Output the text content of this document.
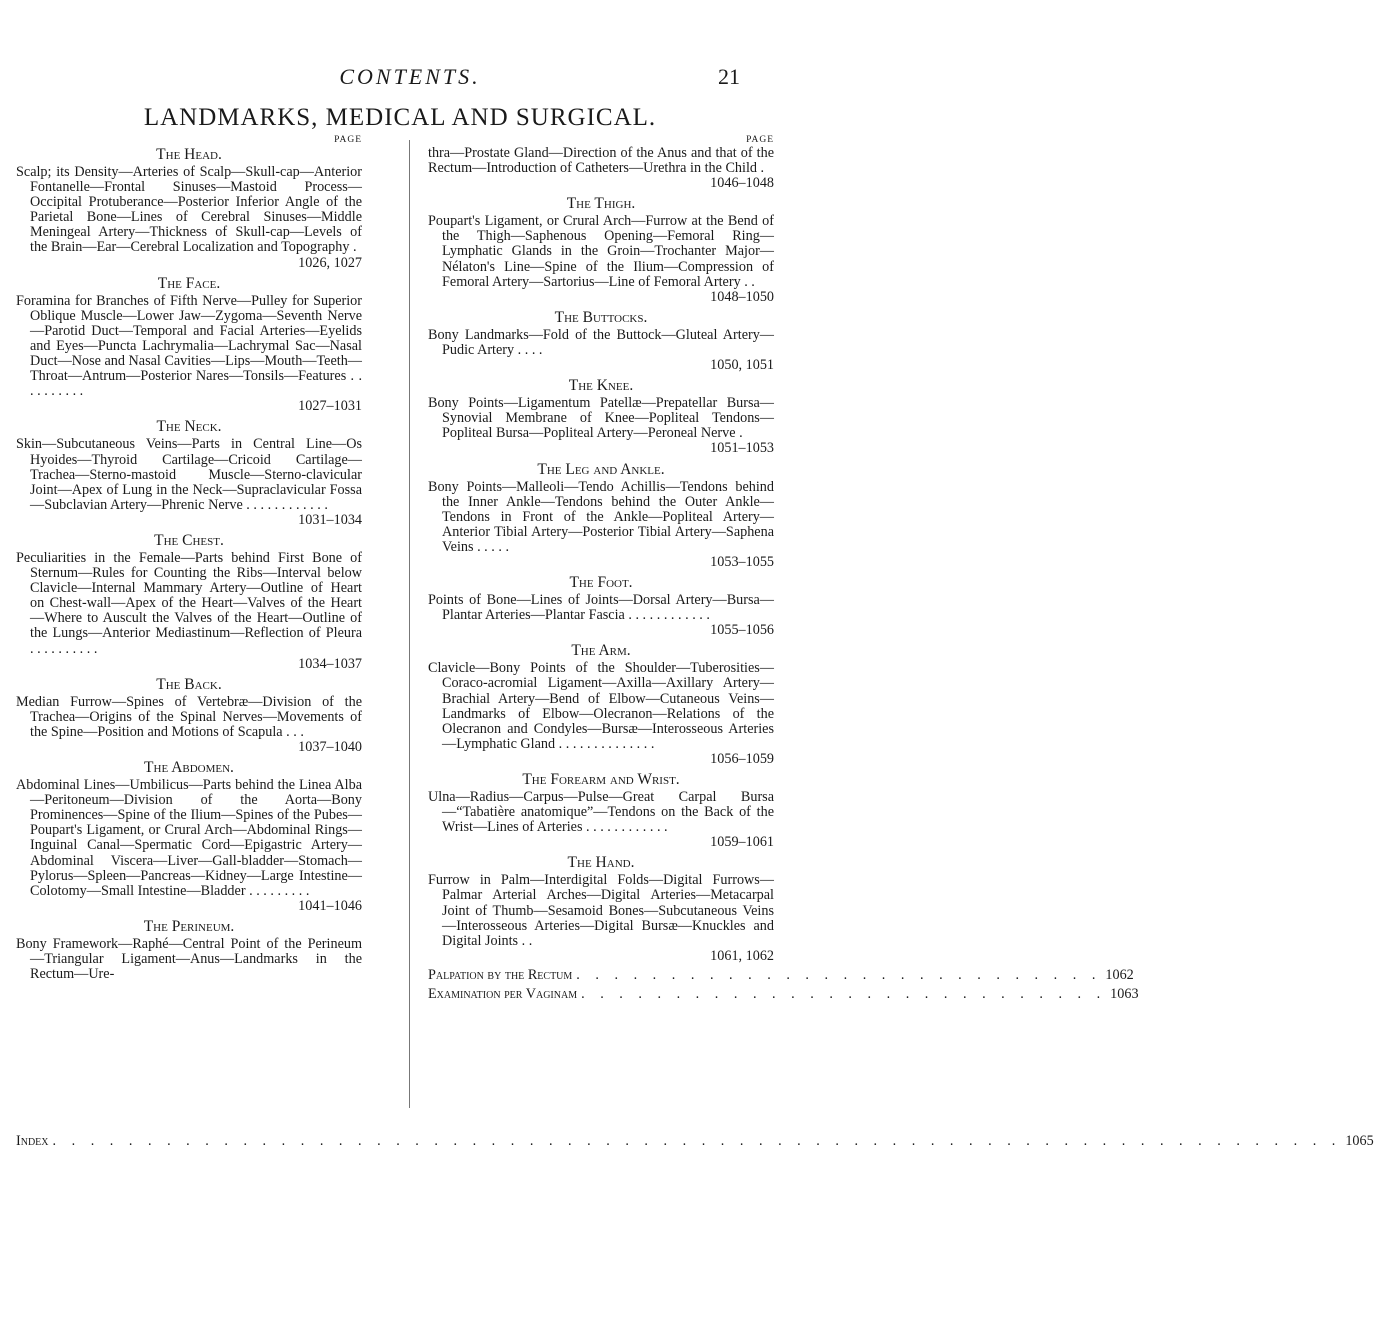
CONTENTS.	21
LANDMARKS, MEDICAL AND SURGICAL.
PAGE
The Head.
Scalp; its Density—Arteries of Scalp—Skull-cap—Anterior Fontanelle—Frontal Sinuses—Mastoid Process—Occipital Protuberance—Posterior Inferior Angle of the Parietal Bone—Lines of Cerebral Sinuses—Middle Meningeal Artery—Thickness of Skull-cap—Levels of the Brain—Ear—Cerebral Localization and Topography .
1026, 1027
The Face.
Foramina for Branches of Fifth Nerve—Pulley for Superior Oblique Muscle—Lower Jaw—Zygoma—Seventh Nerve—Parotid Duct—Temporal and Facial Arteries—Eyelids and Eyes—Puncta Lachrymalia—Lachrymal Sac—Nasal Duct—Nose and Nasal Cavities—Lips—Mouth—Teeth—Throat—Antrum—Posterior Nares—Tonsils—Features . . . . . . . . . .
1027–1031
The Neck.
Skin—Subcutaneous Veins—Parts in Central Line—Os Hyoides—Thyroid Cartilage—Cricoid Cartilage—Trachea—Sterno-mastoid Muscle—Sterno-clavicular Joint—Apex of Lung in the Neck—Supraclavicular Fossa—Subclavian Artery—Phrenic Nerve . . . . . . . . . . . .
1031–1034
The Chest.
Peculiarities in the Female—Parts behind First Bone of Sternum—Rules for Counting the Ribs—Interval below Clavicle—Internal Mammary Artery—Outline of Heart on Chest-wall—Apex of the Heart—Valves of the Heart—Where to Auscult the Valves of the Heart—Outline of the Lungs—Anterior Mediastinum—Reflection of Pleura . . . . . . . . . .
1034–1037
The Back.
Median Furrow—Spines of Vertebræ—Division of the Trachea—Origins of the Spinal Nerves—Movements of the Spine—Position and Motions of Scapula . . .
1037–1040
The Abdomen.
Abdominal Lines—Umbilicus—Parts behind the Linea Alba—Peritoneum—Division of the Aorta—Bony Prominences—Spine of the Ilium—Spines of the Pubes—Poupart's Ligament, or Crural Arch—Abdominal Rings—Inguinal Canal—Spermatic Cord—Epigastric Artery—Abdominal Viscera—Liver—Gall-bladder—Stomach—Pylorus—Spleen—Pancreas—Kidney—Large Intestine—Colotomy—Small Intestine—Bladder . . . . . . . . .
1041–1046
The Perineum.
Bony Framework—Raphé—Central Point of the Perineum—Triangular Ligament—Anus—Landmarks in the Rectum—Ure-
PAGE
thra—Prostate Gland—Direction of the Anus and that of the Rectum—Introduction of Catheters—Urethra in the Child .
1046–1048
The Thigh.
Poupart's Ligament, or Crural Arch—Furrow at the Bend of the Thigh—Saphenous Opening—Femoral Ring—Lymphatic Glands in the Groin—Trochanter Major—Nélaton's Line—Spine of the Ilium—Compression of Femoral Artery—Sartorius—Line of Femoral Artery . .
1048–1050
The Buttocks.
Bony Landmarks—Fold of the Buttock—Gluteal Artery—Pudic Artery . . . .
1050, 1051
The Knee.
Bony Points—Ligamentum Patellæ—Prepatellar Bursa—Synovial Membrane of Knee—Popliteal Tendons—Popliteal Bursa—Popliteal Artery—Peroneal Nerve .
1051–1053
The Leg and Ankle.
Bony Points—Malleoli—Tendo Achillis—Tendons behind the Inner Ankle—Tendons behind the Outer Ankle—Tendons in Front of the Ankle—Popliteal Artery—Anterior Tibial Artery—Posterior Tibial Artery—Saphena Veins . . . . .
1053–1055
The Foot.
Points of Bone—Lines of Joints—Dorsal Artery—Bursa—Plantar Arteries—Plantar Fascia . . . . . . . . . . . .
1055–1056
The Arm.
Clavicle—Bony Points of the Shoulder—Tuberosities—Coraco-acromial Ligament—Axilla—Axillary Artery—Brachial Artery—Bend of Elbow—Cutaneous Veins—Landmarks of Elbow—Olecranon—Relations of the Olecranon and Condyles—Bursæ—Interosseous Arteries—Lymphatic Gland . . . . . . . . . . . . . .
1056–1059
The Forearm and Wrist.
Ulna—Radius—Carpus—Pulse—Great Carpal Bursa—“Tabatière anatomique”—Tendons on the Back of the Wrist—Lines of Arteries . . . . . . . . . . . .
1059–1061
The Hand.
Furrow in Palm—Interdigital Folds—Digital Furrows—Palmar Arterial Arches—Digital Arteries—Metacarpal Joint of Thumb—Sesamoid Bones—Subcutaneous Veins—Interosseous Arteries—Digital Bursæ—Knuckles and Digital Joints . .
1061, 1062
Palpation by the Rectum . . . . . . . . . . . . . . . . . . . . . . . . . . . . 1062
Examination per Vaginam . . . . . . . . . . . . . . . . . . . . . . . . . . . . 1063
Index . . . . . . . . . . . . . . . . . . . . . . . . . . . . . . . . . . . . . . . . . . . . . . . . . . . . . . . . . . . . . . . . . . . . 1065
